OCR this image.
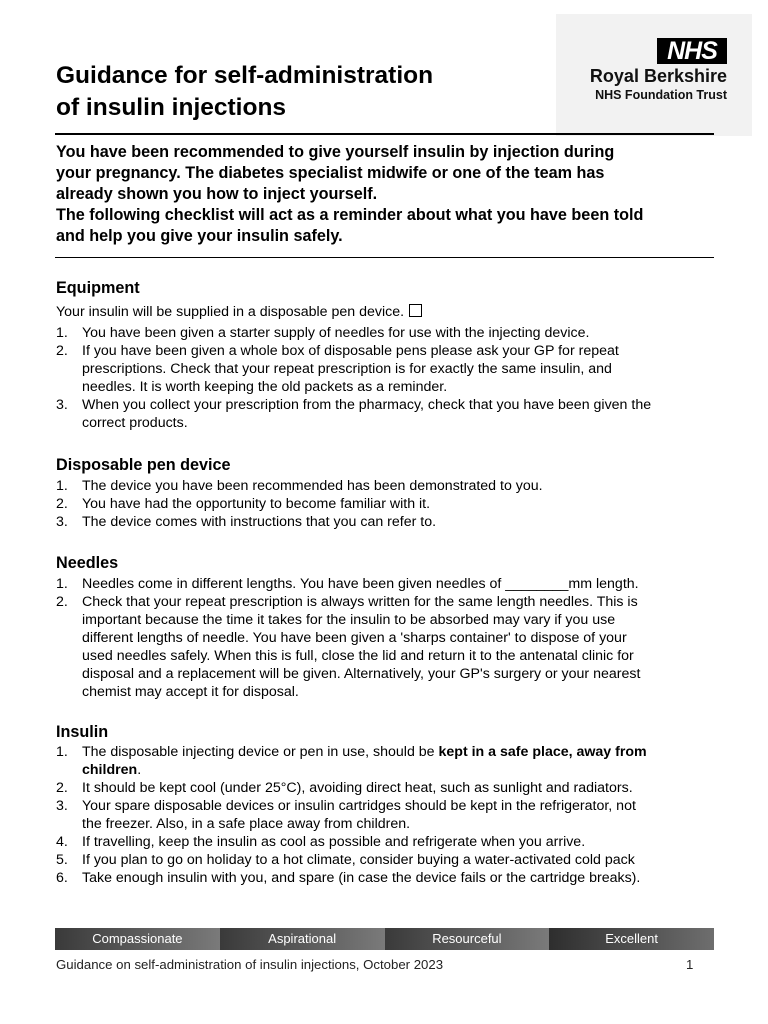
NHS
Royal Berkshire
NHS Foundation Trust
Guidance for self-administration
of insulin injections
You have been recommended to give yourself insulin by injection during
your pregnancy. The diabetes specialist midwife or one of the team has
already shown you how to inject yourself.
The following checklist will act as a reminder about what you have been told
and help you give your insulin safely.
Equipment
Your insulin will be supplied in a disposable pen device.
1. You have been given a starter supply of needles for use with the injecting device.
2. If you have been given a whole box of disposable pens please ask your GP for repeat
prescriptions. Check that your repeat prescription is for exactly the same insulin, and
needles. It is worth keeping the old packets as a reminder.
3. When you collect your prescription from the pharmacy, check that you have been given the
correct products.
Disposable pen device
1. The device you have been recommended has been demonstrated to you.
2. You have had the opportunity to become familiar with it.
3. The device comes with instructions that you can refer to.
Needles
1. Needles come in different lengths. You have been given needles of ________mm length.
2. Check that your repeat prescription is always written for the same length needles. This is
important because the time it takes for the insulin to be absorbed may vary if you use
different lengths of needle. You have been given a 'sharps container' to dispose of your
used needles safely. When this is full, close the lid and return it to the antenatal clinic for
disposal and a replacement will be given. Alternatively, your GP's surgery or your nearest
chemist may accept it for disposal.
Insulin
1. The disposable injecting device or pen in use, should be kept in a safe place, away from
children.
2. It should be kept cool (under 25°C), avoiding direct heat, such as sunlight and radiators.
3. Your spare disposable devices or insulin cartridges should be kept in the refrigerator, not
the freezer. Also, in a safe place away from children.
4. If travelling, keep the insulin as cool as possible and refrigerate when you arrive.
5. If you plan to go on holiday to a hot climate, consider buying a water-activated cold pack
6. Take enough insulin with you, and spare (in case the device fails or the cartridge breaks).
Compassionate	Aspirational	Resourceful	Excellent
Guidance on self-administration of insulin injections, October 2023	1
